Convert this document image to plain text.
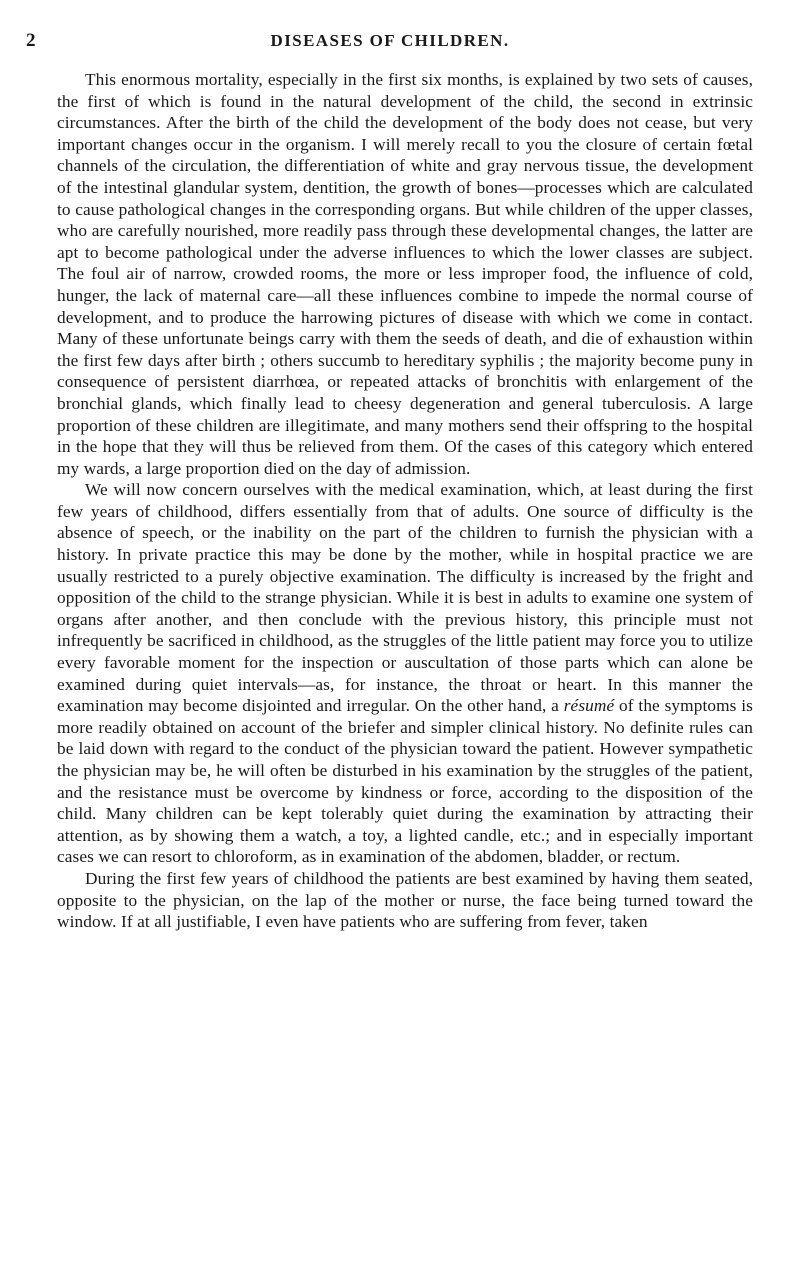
2	DISEASES OF CHILDREN.

This enormous mortality, especially in the first six months, is explained by two sets of causes, the first of which is found in the natural development of the child, the second in extrinsic circumstances. After the birth of the child the development of the body does not cease, but very important changes occur in the organism. I will merely recall to you the closure of certain fœtal channels of the circulation, the differentiation of white and gray nervous tissue, the development of the intestinal glandular system, dentition, the growth of bones—processes which are calculated to cause pathological changes in the corresponding organs. But while children of the upper classes, who are carefully nourished, more readily pass through these developmental changes, the latter are apt to become pathological under the adverse influences to which the lower classes are subject. The foul air of narrow, crowded rooms, the more or less improper food, the influence of cold, hunger, the lack of maternal care—all these influences combine to impede the normal course of development, and to produce the harrowing pictures of disease with which we come in contact. Many of these unfortunate beings carry with them the seeds of death, and die of exhaustion within the first few days after birth ; others succumb to hereditary syphilis ; the majority become puny in consequence of persistent diarrhœa, or repeated attacks of bronchitis with enlargement of the bronchial glands, which finally lead to cheesy degeneration and general tuberculosis. A large proportion of these children are illegitimate, and many mothers send their offspring to the hospital in the hope that they will thus be relieved from them. Of the cases of this category which entered my wards, a large proportion died on the day of admission.

We will now concern ourselves with the medical examination, which, at least during the first few years of childhood, differs essentially from that of adults. One source of difficulty is the absence of speech, or the inability on the part of the children to furnish the physician with a history. In private practice this may be done by the mother, while in hospital practice we are usually restricted to a purely objective examination. The difficulty is increased by the fright and opposition of the child to the strange physician. While it is best in adults to examine one system of organs after another, and then conclude with the previous history, this principle must not infrequently be sacrificed in childhood, as the struggles of the little patient may force you to utilize every favorable moment for the inspection or auscultation of those parts which can alone be examined during quiet intervals—as, for instance, the throat or heart. In this manner the examination may become disjointed and irregular. On the other hand, a résumé of the symptoms is more readily obtained on account of the briefer and simpler clinical history. No definite rules can be laid down with regard to the conduct of the physician toward the patient. However sympathetic the physician may be, he will often be disturbed in his examination by the struggles of the patient, and the resistance must be overcome by kindness or force, according to the disposition of the child. Many children can be kept tolerably quiet during the examination by attracting their attention, as by showing them a watch, a toy, a lighted candle, etc.; and in especially important cases we can resort to chloroform, as in examination of the abdomen, bladder, or rectum.

During the first few years of childhood the patients are best examined by having them seated, opposite to the physician, on the lap of the mother or nurse, the face being turned toward the window. If at all justifiable, I even have patients who are suffering from fever, taken
